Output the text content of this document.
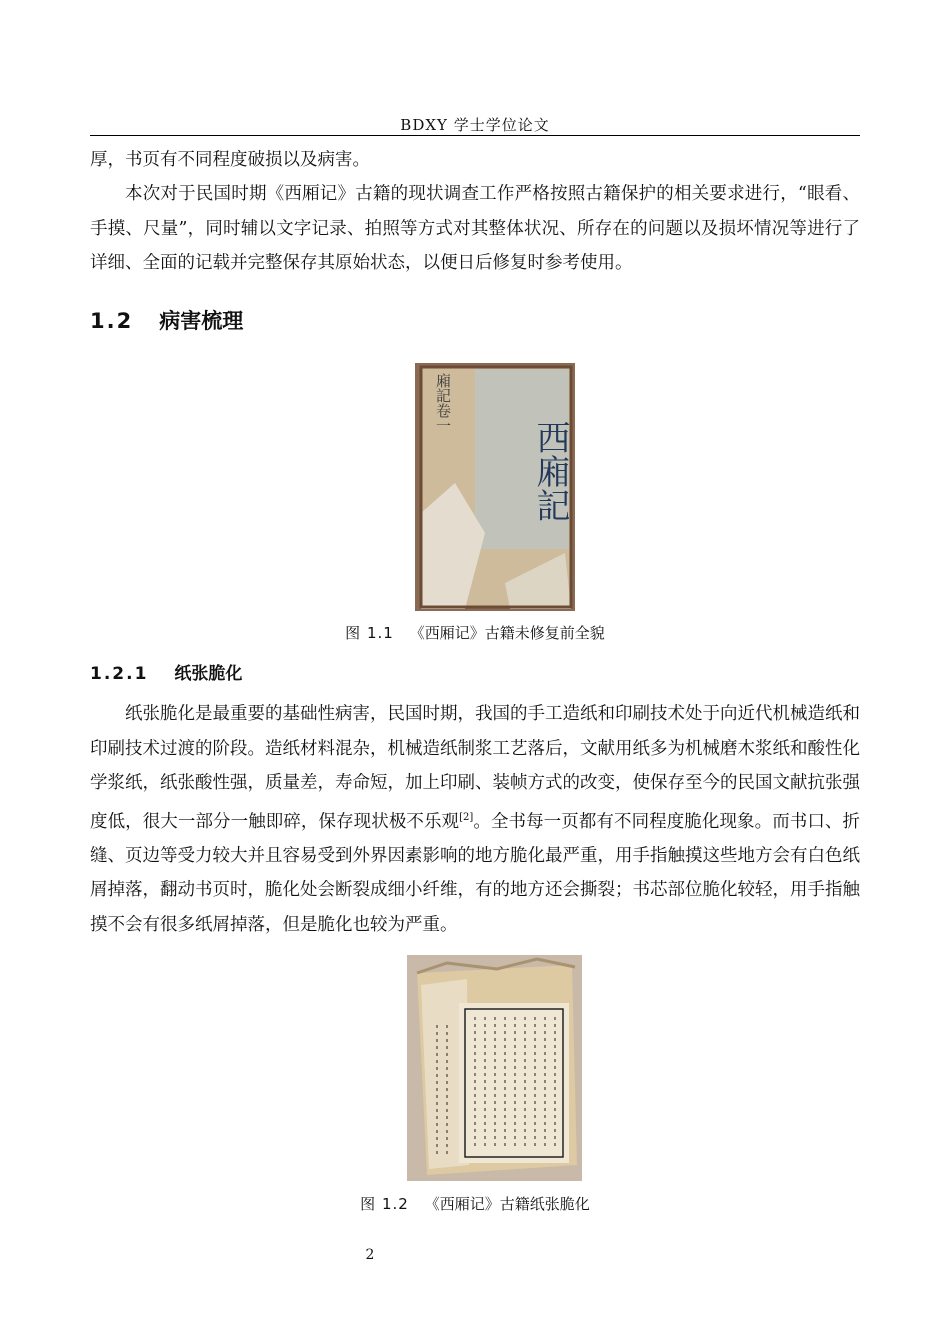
BDXY 学士学位论文

厚，书页有不同程度破损以及病害。

本次对于民国时期《西厢记》古籍的现状调查工作严格按照古籍保护的相关要求进行，“眼看、手摸、尺量”，同时辅以文字记录、拍照等方式对其整体状况、所存在的问题以及损坏情况等进行了详细、全面的记载并完整保存其原始状态，以便日后修复时参考使用。

1.2 病害梳理
西廂記
廂記卷一
图 1.1 《西厢记》古籍未修复前全貌
1.2.1 纸张脆化

纸张脆化是最重要的基础性病害，民国时期，我国的手工造纸和印刷技术处于向近代机械造纸和印刷技术过渡的阶段。造纸材料混杂，机械造纸制浆工艺落后，文献用纸多为机械磨木浆纸和酸性化学浆纸，纸张酸性强，质量差，寿命短，加上印刷、装帧方式的改变，使保存至今的民国文献抗张强度低，很大一部分一触即碎，保存现状极不乐观[2]。全书每一页都有不同程度脆化现象。而书口、折缝、页边等受力较大并且容易受到外界因素影响的地方脆化最严重，用手指触摸这些地方会有白色纸屑掉落，翻动书页时，脆化处会断裂成细小纤维，有的地方还会撕裂；书芯部位脆化较轻，用手指触摸不会有很多纸屑掉落，但是脆化也较为严重。

图 1.2 《西厢记》古籍纸张脆化
2
